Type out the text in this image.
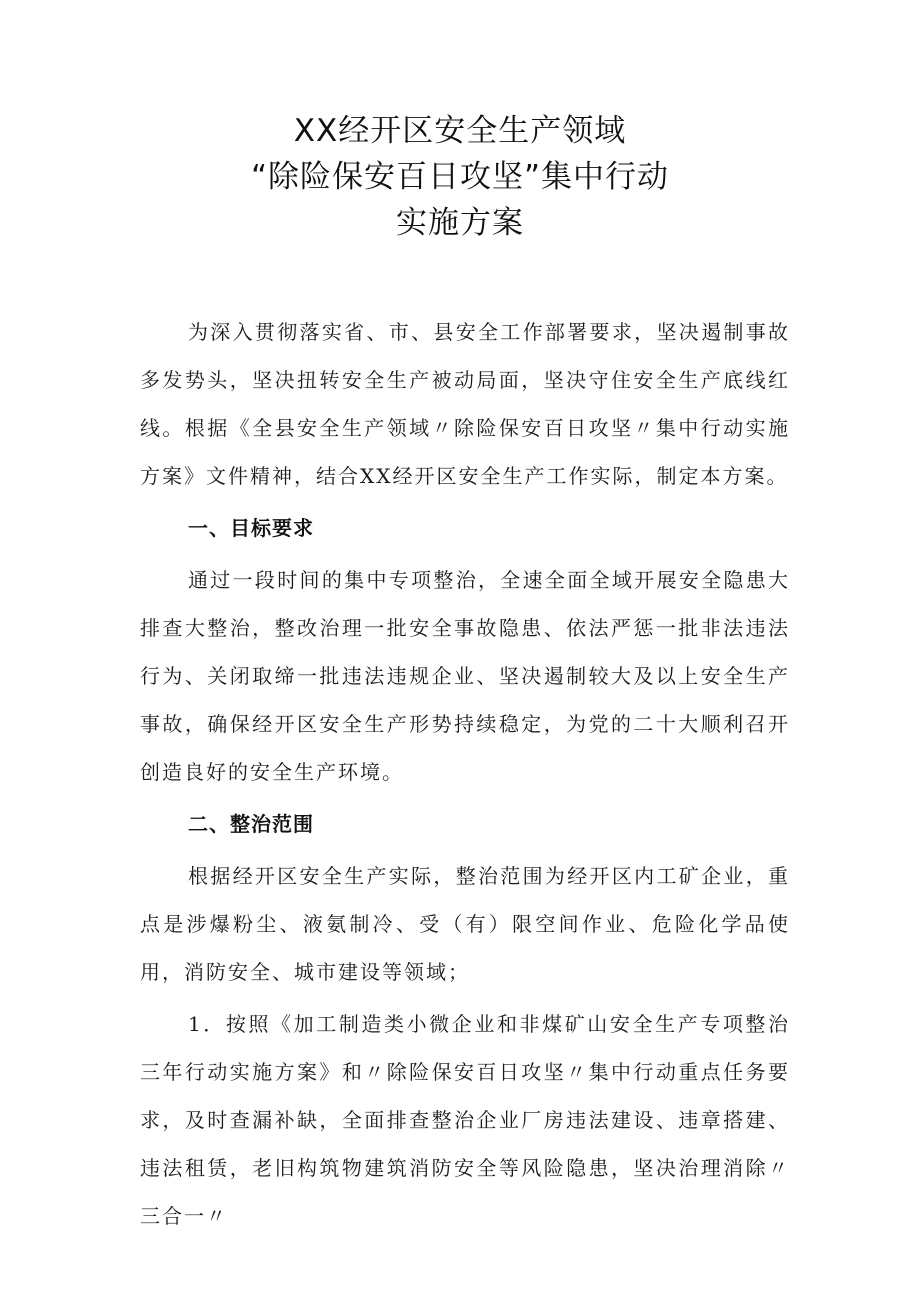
XX经开区安全生产领域
“除险保安百日攻坚”集中行动
实施方案

为深入贯彻落实省、市、县安全工作部署要求，坚决遏制事故多发势头，坚决扭转安全生产被动局面，坚决守住安全生产底线红线。根据《全县安全生产领域〃除险保安百日攻坚〃集中行动实施方案》文件精神，结合XX经开区安全生产工作实际，制定本方案。

一、目标要求

通过一段时间的集中专项整治，全速全面全域开展安全隐患大排查大整治，整改治理一批安全事故隐患、依法严惩一批非法违法行为、关闭取缔一批违法违规企业、坚决遏制较大及以上安全生产事故，确保经开区安全生产形势持续稳定，为党的二十大顺利召开创造良好的安全生产环境。

二、整治范围

根据经开区安全生产实际，整治范围为经开区内工矿企业，重点是涉爆粉尘、液氨制冷、受（有）限空间作业、危险化学品使用，消防安全、城市建设等领域；

1．按照《加工制造类小微企业和非煤矿山安全生产专项整治三年行动实施方案》和〃除险保安百日攻坚〃集中行动重点任务要求，及时查漏补缺，全面排查整治企业厂房违法建设、违章搭建、违法租赁，老旧构筑物建筑消防安全等风险隐患，坚决治理消除〃三合一〃
